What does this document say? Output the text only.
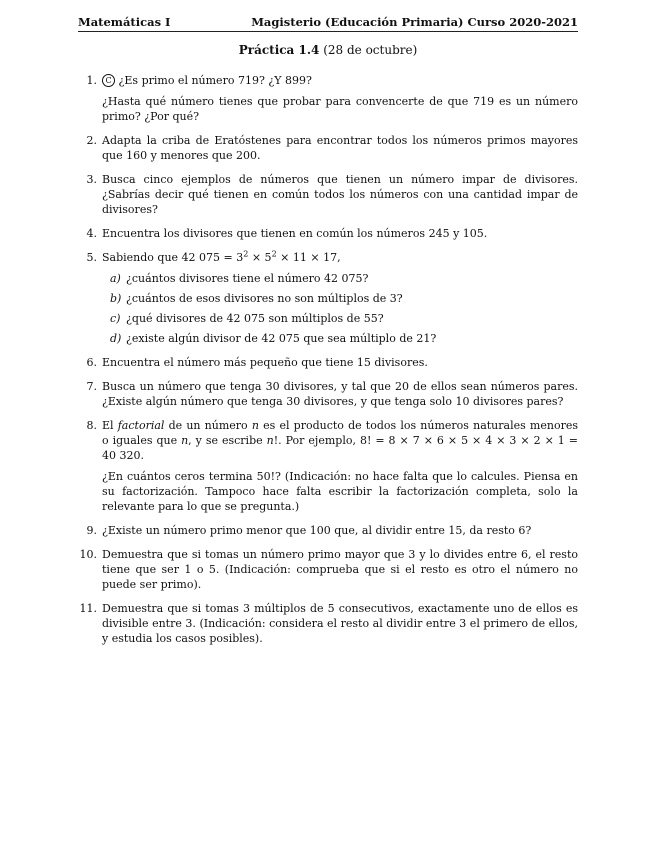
Matemáticas I	Magisterio (Educación Primaria) Curso 2020-2021
Práctica 1.4 (28 de octubre)
1.	C ¿Es primo el número 719? ¿Y 899?

¿Hasta qué número tienes que probar para convencerte de que 719 es un número primo? ¿Por qué?

2. Adapta la criba de Eratóstenes para encontrar todos los números primos mayores que 160 y menores que 200.

3. Busca cinco ejemplos de números que tienen un número impar de divisores. ¿Sabrías decir qué tienen en común todos los números con una cantidad impar de divisores?

4. Encuentra los divisores que tienen en común los números 245 y 105.

5. Sabiendo que 42 $075 = 3^2 \times 5^2 \times 11 \times 17$,

a) ¿cuántos divisores tiene el número 42 075?
b) ¿cuántos de esos divisores no son múltiplos de 3?
c) ¿qué divisores de 42 075 son múltiplos de 55?
d) ¿existe algún divisor de 42 075 que sea múltiplo de 21?
6. Encuentra el número más pequeño que tiene 15 divisores.

7. Busca un número que tenga 30 divisores, y tal que 20 de ellos sean números pares. ¿Existe algún número que tenga 30 divisores, y que tenga solo 10 divisores pares?

8. El factorial de un número n es el producto de todos los números naturales menores o iguales que n, y se escribe n!. Por ejemplo, 8! = 8 × 7 × 6 × 5 × 4 × 3 × 2 × 1 = 40 320.

¿En cuántos ceros termina 50!? (Indicación: no hace falta que lo calcules. Piensa en su factorización. Tampoco hace falta escribir la factorización completa, solo la relevante para lo que se pregunta.)

9. ¿Existe un número primo menor que 100 que, al dividir entre 15, da resto 6?

10. Demuestra que si tomas un número primo mayor que 3 y lo divides entre 6, el resto tiene que ser 1 o 5. (Indicación: comprueba que si el resto es otro el número no puede ser primo).

11. Demuestra que si tomas 3 múltiplos de 5 consecutivos, exactamente uno de ellos es divisible entre 3. (Indicación: considera el resto al dividir entre 3 el primero de ellos, y estudia los casos posibles).
